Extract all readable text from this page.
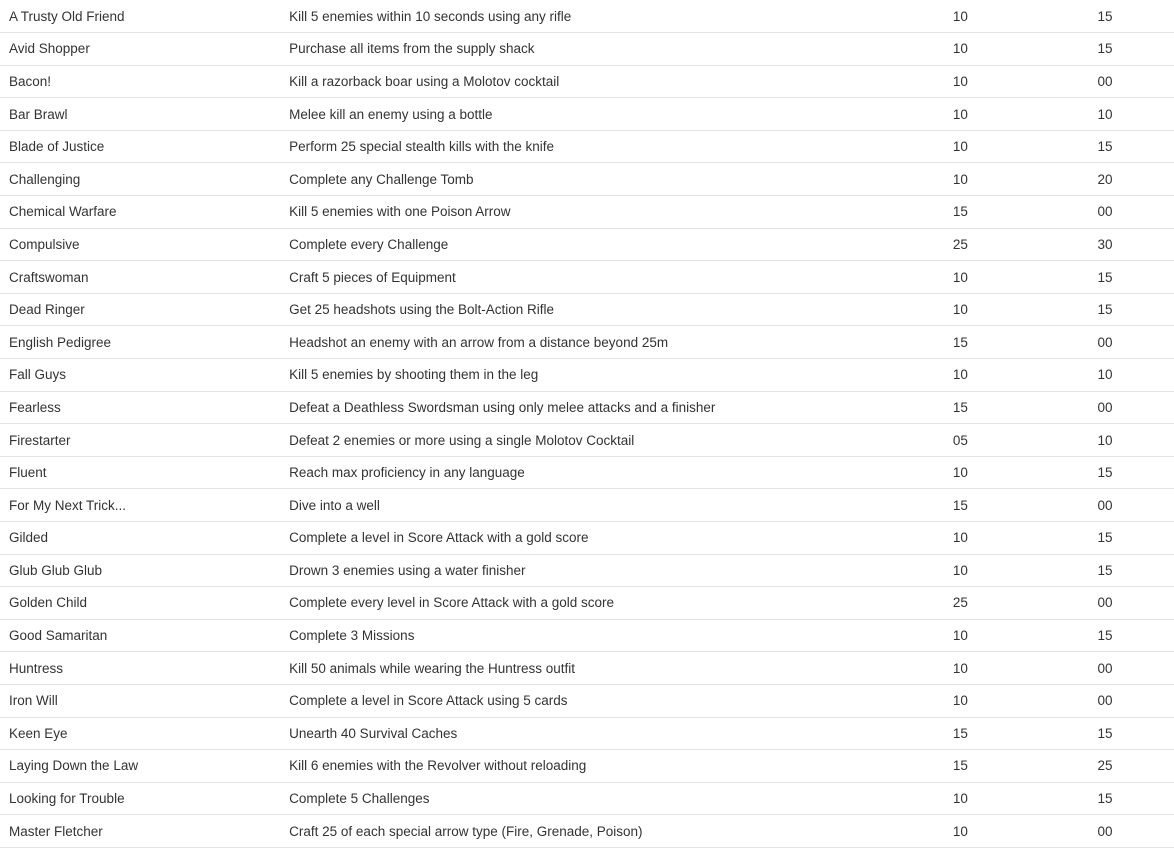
A Trusty Old Friend	Kill 5 enemies within 10 seconds using any rifle	10	15
Avid Shopper	Purchase all items from the supply shack	10	15
Bacon!	Kill a razorback boar using a Molotov cocktail	10	00
Bar Brawl	Melee kill an enemy using a bottle	10	10
Blade of Justice	Perform 25 special stealth kills with the knife	10	15
Challenging	Complete any Challenge Tomb	10	20
Chemical Warfare	Kill 5 enemies with one Poison Arrow	15	00
Compulsive	Complete every Challenge	25	30
Craftswoman	Craft 5 pieces of Equipment	10	15
Dead Ringer	Get 25 headshots using the Bolt-Action Rifle	10	15
English Pedigree	Headshot an enemy with an arrow from a distance beyond 25m	15	00
Fall Guys	Kill 5 enemies by shooting them in the leg	10	10
Fearless	Defeat a Deathless Swordsman using only melee attacks and a finisher	15	00
Firestarter	Defeat 2 enemies or more using a single Molotov Cocktail	05	10
Fluent	Reach max proficiency in any language	10	15
For My Next Trick...	Dive into a well	15	00
Gilded	Complete a level in Score Attack with a gold score	10	15
Glub Glub Glub	Drown 3 enemies using a water finisher	10	15
Golden Child	Complete every level in Score Attack with a gold score	25	00
Good Samaritan	Complete 3 Missions	10	15
Huntress	Kill 50 animals while wearing the Huntress outfit	10	00
Iron Will	Complete a level in Score Attack using 5 cards	10	00
Keen Eye	Unearth 40 Survival Caches	15	15
Laying Down the Law	Kill 6 enemies with the Revolver without reloading	15	25
Looking for Trouble	Complete 5 Challenges	10	15
Master Fletcher	Craft 25 of each special arrow type (Fire, Grenade, Poison)	10	00
